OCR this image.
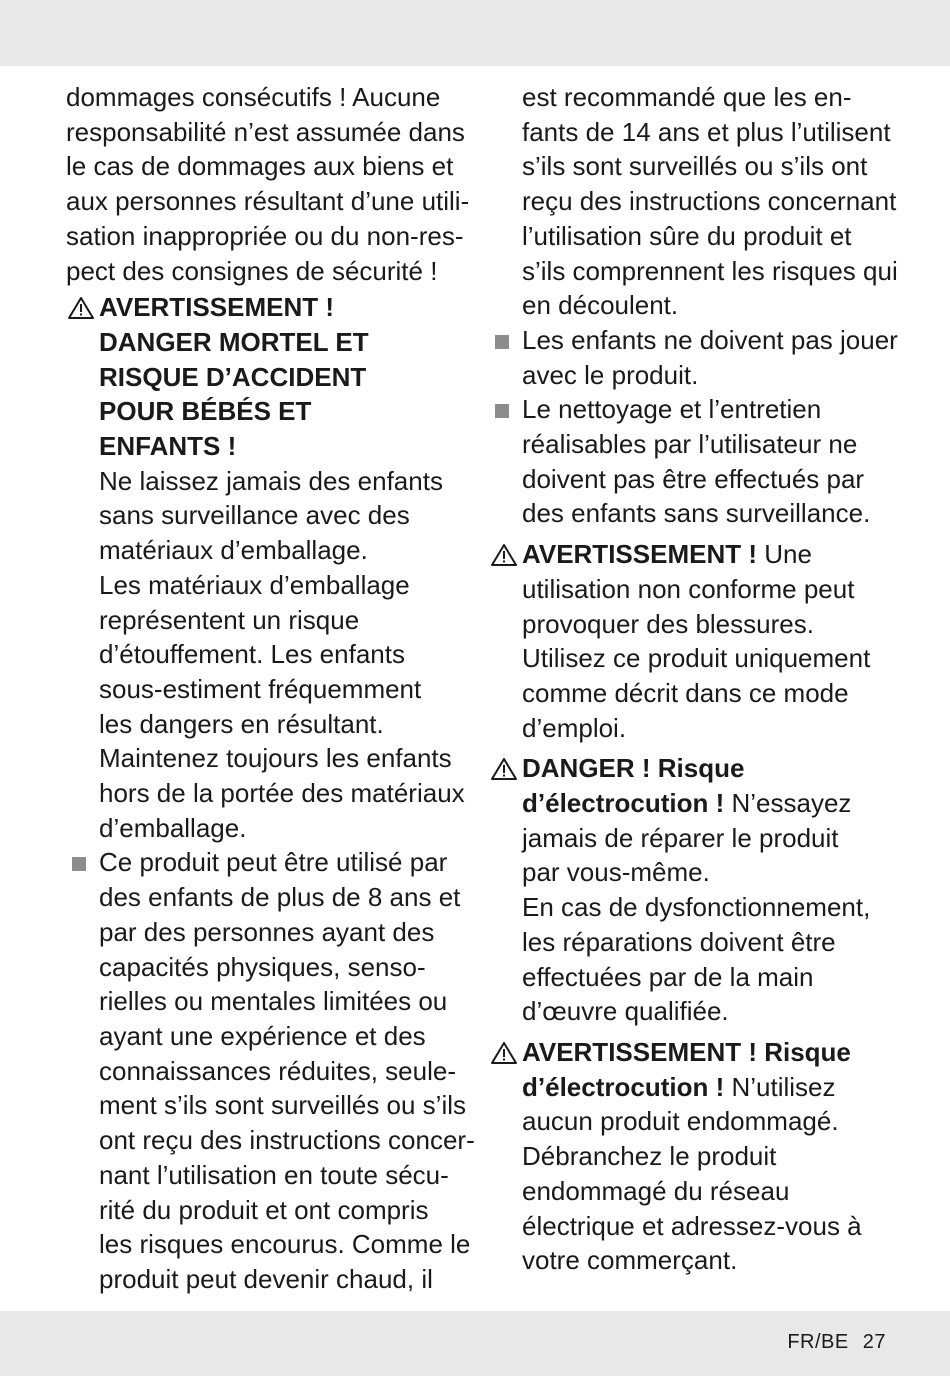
dommages consécutifs ! Aucune
responsabilité n’est assumée dans
le cas de dommages aux biens et
aux personnes résultant d’une utili-
sation inappropriée ou du non-res-
pect des consignes de sécurité !
AVERTISSEMENT !
DANGER MORTEL ET
RISQUE D’ACCIDENT
POUR BÉBÉS ET
ENFANTS !
Ne laissez jamais des enfants
sans surveillance avec des
matériaux d’emballage.
Les matériaux d’emballage
représentent un risque
d’étouffement. Les enfants
sous-estiment fréquemment
les dangers en résultant.
Maintenez toujours les enfants
hors de la portée des matériaux
d’emballage.
Ce produit peut être utilisé par
des enfants de plus de 8 ans et
par des personnes ayant des
capacités physiques, senso-
rielles ou mentales limitées ou
ayant une expérience et des
connaissances réduites, seule-
ment s’ils sont surveillés ou s’ils
ont reçu des instructions concer-
nant l’utilisation en toute sécu-
rité du produit et ont compris
les risques encourus. Comme le
produit peut devenir chaud, il
est recommandé que les en-
fants de 14 ans et plus l’utilisent
s’ils sont surveillés ou s’ils ont
reçu des instructions concernant
l’utilisation sûre du produit et
s’ils comprennent les risques qui
en découlent.
Les enfants ne doivent pas jouer
avec le produit.
Le nettoyage et l’entretien
réalisables par l’utilisateur ne
doivent pas être effectués par
des enfants sans surveillance.
AVERTISSEMENT ! Une
utilisation non conforme peut
provoquer des blessures.
Utilisez ce produit uniquement
comme décrit dans ce mode
d’emploi.
DANGER ! Risque
d’électrocution ! N’essayez
jamais de réparer le produit
par vous-même.
En cas de dysfonctionnement,
les réparations doivent être
effectuées par de la main
d’œuvre qualifiée.
AVERTISSEMENT ! Risque
d’électrocution ! N’utilisez
aucun produit endommagé.
Débranchez le produit
endommagé du réseau
électrique et adressez-vous à
votre commerçant.
FR/BE 27
